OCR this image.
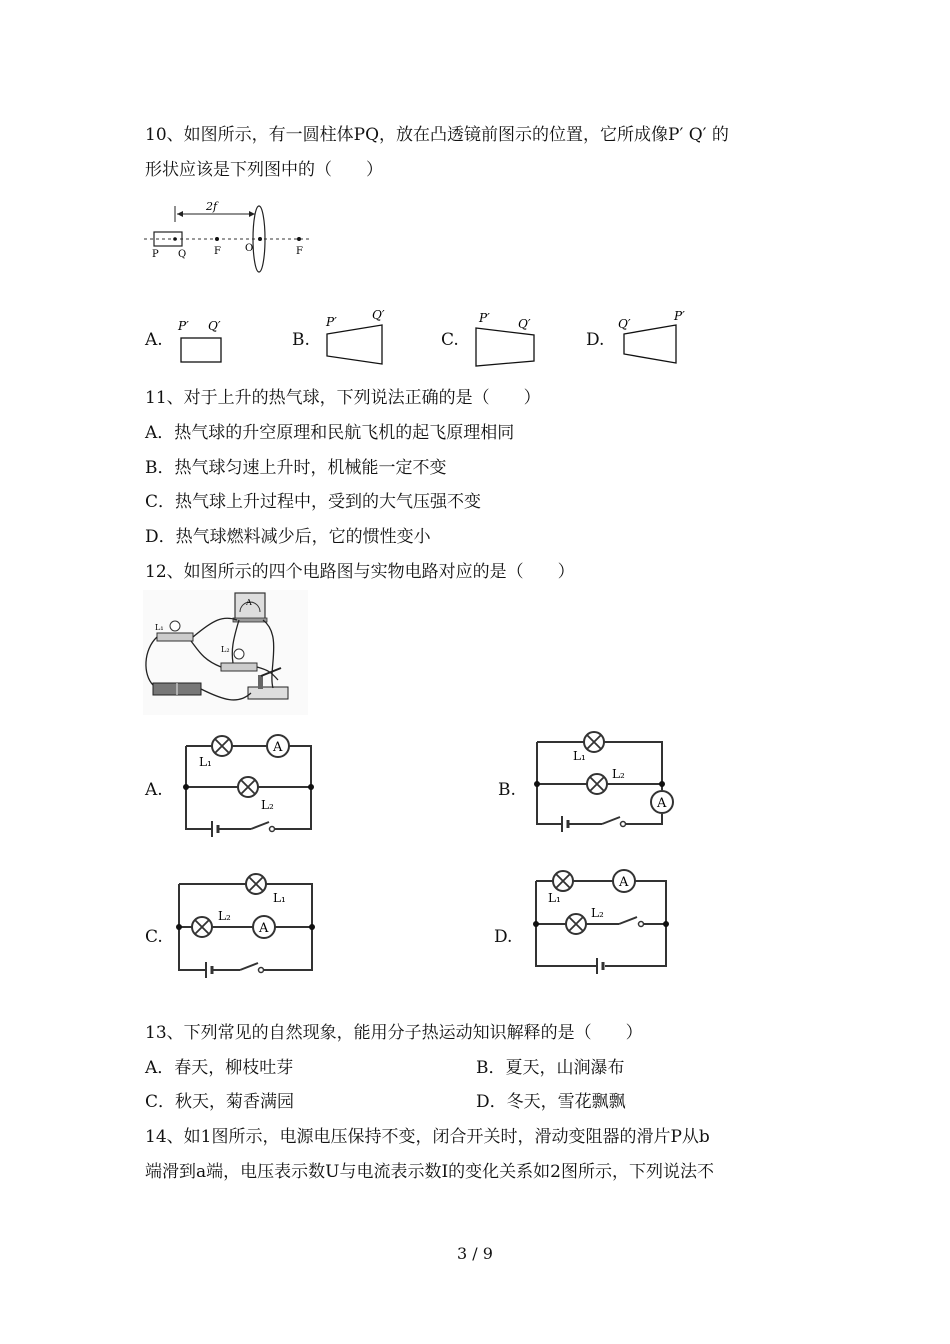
10、如图所示，有一圆柱体PQ，放在凸透镜前图示的位置，它所成像P′ Q′ 的
形状应该是下列图中的（　　）
2f
P Q	F O	F
A.
P′ Q′
B.
P′	Q′
C.
P′ Q′
D.
Q′
P′
11、对于上升的热气球，下列说法正确的是（　　）
A．热气球的升空原理和民航飞机的起飞原理相同
B．热气球匀速上升时，机械能一定不变
C．热气球上升过程中，受到的大气压强不变
D．热气球燃料减少后，它的惯性变小
12、如图所示的四个电路图与实物电路对应的是（　　）
A
L₁
L₂
A.
A
L₁
L₂
B.
A
L₁
L₂
C.	A
L₁
L₂
D.
A
L₁
L₂
13、下列常见的自然现象，能用分子热运动知识解释的是（　　）
A．春天，柳枝吐芽	B．夏天，山涧瀑布
C．秋天，菊香满园	D．冬天，雪花飘飘
14、如1图所示，电源电压保持不变，闭合开关时，滑动变阻器的滑片P从b
端滑到a端，电压表示数U与电流表示数I的变化关系如2图所示，下列说法不
3 / 9
